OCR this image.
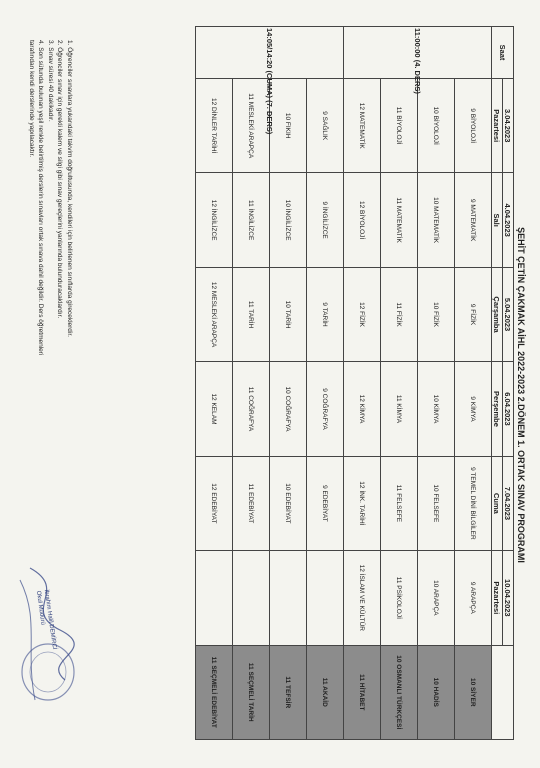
ŞEHİT ÇETİN ÇAKMAK AİHL 2022-2023 2.DÖNEM 1. ORTAK SINAV PROGRAMI
Saat	3.04.2023	4.04.2023	5.04.2023	6.04.2023	7.04.2023	10.04.2023	
	Pazartesi	Salı	Çarşamba	Perşembe	Cuma	Pazartesi	
11:00:00 (4. DERS)	9 BİYOLOJİ	9 MATEMATİK	9 FİZİK	9 KİMYA	9 TEMEL DİNİ BİLGİLER	9 ARAPÇA	10 SİYER
	10 BİYOLOJİ	10 MATEMATİK	10 FİZİK	10 KİMYA	10 FELSEFE	10 ARAPÇA	10 HADİS
	11 BİYOLOJİ	11 MATEMATİK	11 FİZİK	11 KİMYA	11 FELSEFE	11 PSİKOLOJİ	10 OSMANLI TÜRKÇESİ
	12 MATEMATİK	12 BİYOLOJİ	12 FİZİK	12 KİMYA	12 İNK. TARİHİ	12 İSLAM VE KÜLTÜR	11 HİTABET
14:05/14:20 (CUMA) (7. DERS)	9 SAĞLIK	9 İNGİLİZCE	9 TARİH	9 COĞRAFYA	9 EDEBİYAT		11 AKAİD
	10 FIKIH	10 İNGİLİZCE	10 TARİH	10 COĞRAFYA	10 EDEBİYAT		11 TEFSİR
	11 MESLEKİ ARAPÇA	11 İNGİLİZCE	11 TARİH	11 COĞRAFYA	11 EDEBİYAT		11 SEÇMELİ TARİH
	12 DİNLER TARİHİ	12 İNGİLİZCE	12 MESLEKİ ARAPÇA	12 KELAM	12 EDEBİYAT		11 SEÇMELİ EDEBİYAT
1. Öğrenciler sınavlara yukarıdaki takvim doğrultusunda, kendileri için belirlenen sınıflarda gireceklerdir.
2. Öğrenciler sınav için gerekli kalem ve silgi gibi sınav gereçlerini yanlarında bulunduracaklardır.
3. Sınav süresi 40 dakikadır.
4. Son sütunda bulunan yeşil renkle belirtilmiş derslerin sınavları ortak sınava dahil değildir. Ders öğretmenleri
tarafından kendi derslerinde yapılacaktır.
İbrahim Halil DEMİRCİ
Okul Müdürü
